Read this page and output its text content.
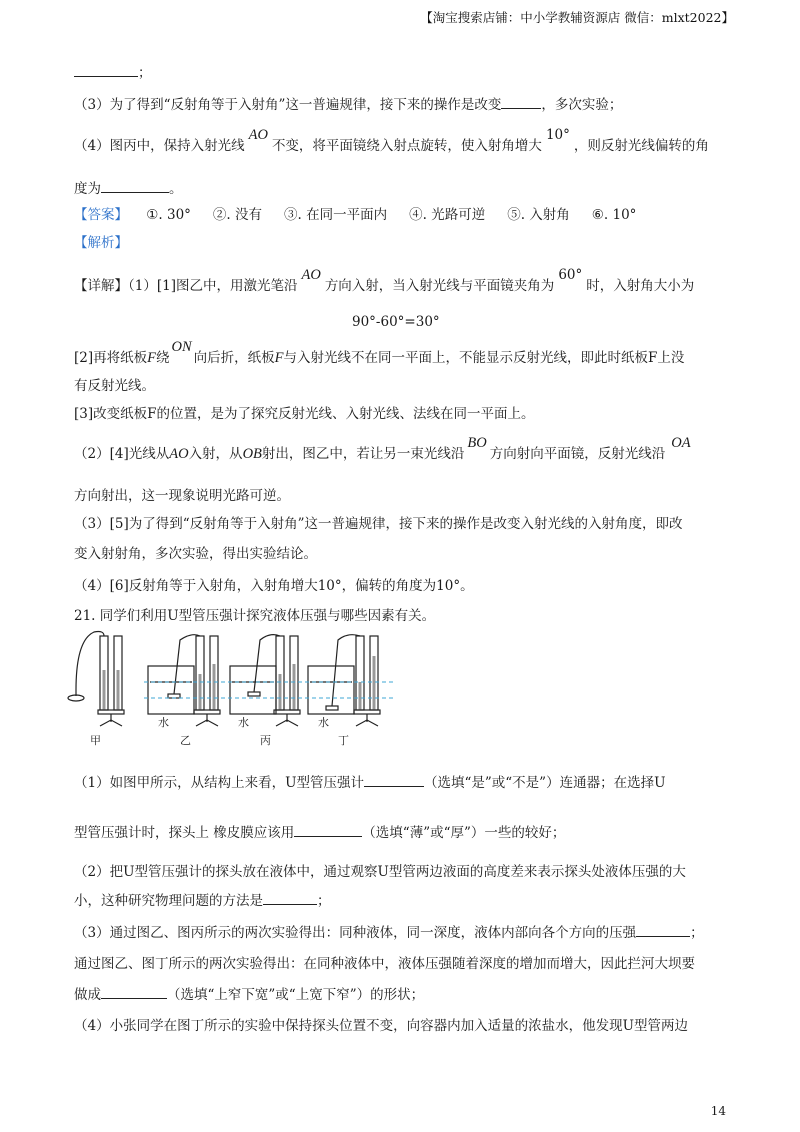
【淘宝搜索店铺：中小学教辅资源店 微信：mlxt2022】
；
（3）为了得到“反射角等于入射角”这一普遍规律，接下来的操作是改变	，多次实验；
（4）图丙中，保持入射光线AO不变，将平面镜绕入射点旋转，使入射角增大10°，则反射光线偏转的角
度为	。
【答案】 ①. 30° ②. 没有 ③. 在同一平面内 ④. 光路可逆 ⑤. 入射角 ⑥. 10°
【解析】
【详解】（1）[1]图乙中，用激光笔沿AO方向入射，当入射光线与平面镜夹角为60°时，入射角大小为
90°-60°=30°
[2]再将纸板F绕ON向后折，纸板F与入射光线不在同一平面上，不能显示反射光线，即此时纸板F上没
有反射光线。
[3]改变纸板F的位置，是为了探究反射光线、入射光线、法线在同一平面上。
（2）[4]光线从AO入射，从OB射出，图乙中，若让另一束光线沿BO方向射向平面镜，反射光线沿OA
方向射出，这一现象说明光路可逆。
（3）[5]为了得到“反射角等于入射角”这一普遍规律，接下来的操作是改变入射光线的入射角度，即改
变入射射角，多次实验，得出实验结论。
（4）[6]反射角等于入射角，入射角增大10°，偏转的角度为10°。
21. 同学们利用U型管压强计探究液体压强与哪些因素有关。
水	水	水
甲	乙	丙	丁
（1）如图甲所示，从结构上来看，U型管压强计	（选填“是”或“不是”）连通器；在选择U
型管压强计时，探头上 橡皮膜应该用	（选填“薄”或“厚”）一些的较好；
（2）把U型管压强计的探头放在液体中，通过观察U型管两边液面的高度差来表示探头处液体压强的大
小，这种研究物理问题的方法是	；
（3）通过图乙、图丙所示的两次实验得出：同种液体，同一深度，液体内部向各个方向的压强	；
通过图乙、图丁所示的两次实验得出：在同种液体中，液体压强随着深度的增加而增大，因此拦河大坝要
做成	（选填“上窄下宽”或“上宽下窄”）的形状；
（4）小张同学在图丁所示的实验中保持探头位置不变，向容器内加入适量的浓盐水，他发现U型管两边
14
